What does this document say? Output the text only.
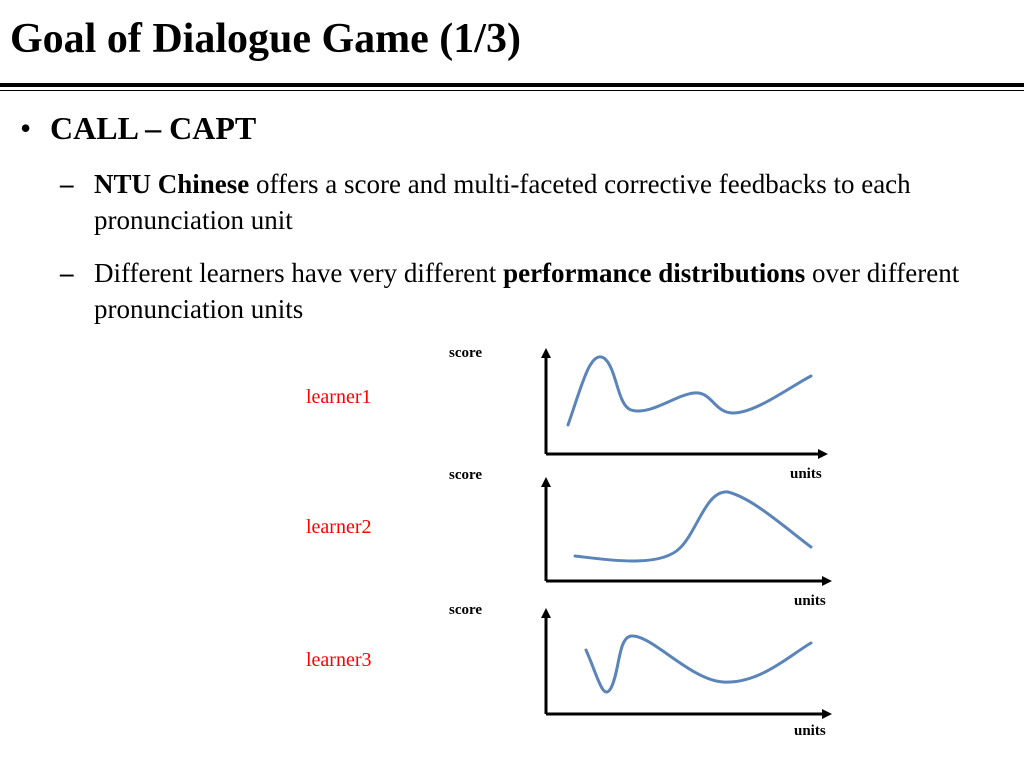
Goal of Dialogue Game (1/3)
• CALL – CAPT
– NTU Chinese offers a score and multi-faceted corrective feedbacks to each pronunciation unit
– Different learners have very different performance distributions over different pronunciation units
learner1
learner2
learner3
score
units
score
units
score
units
